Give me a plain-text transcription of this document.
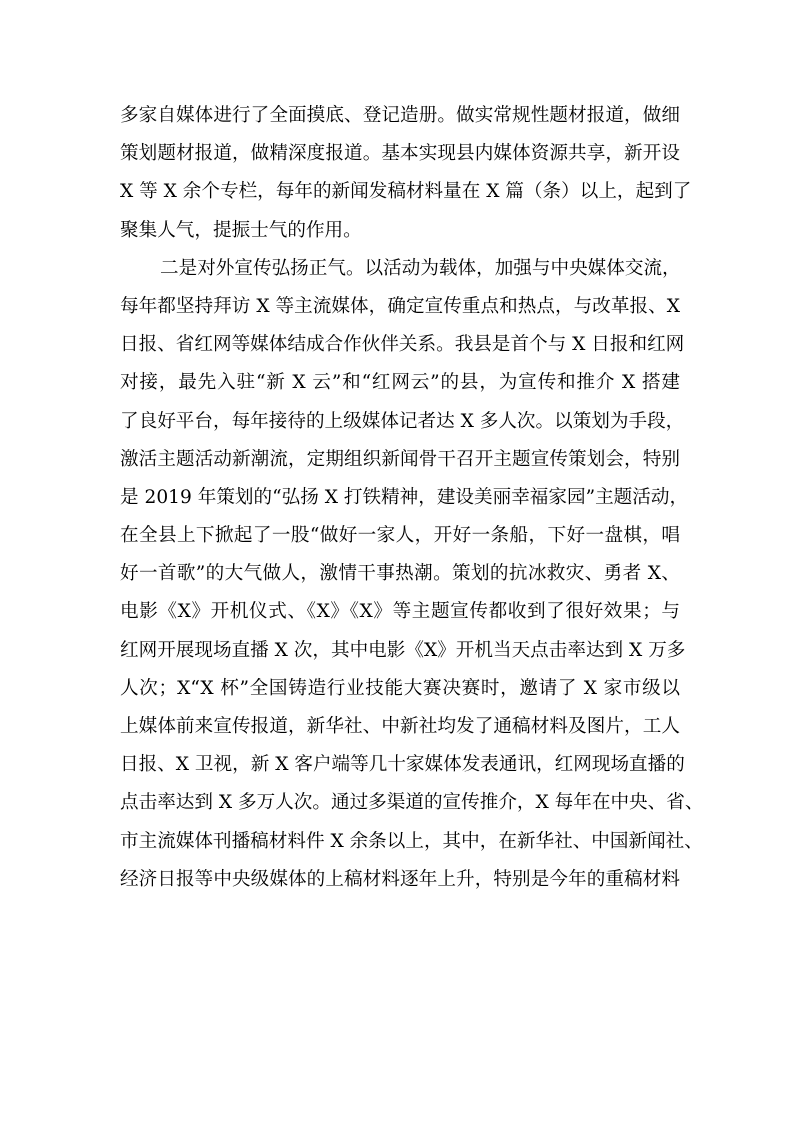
多家自媒体进行了全面摸底、登记造册。做实常规性题材报道，做细
策划题材报道，做精深度报道。基本实现县内媒体资源共享，新开设
X 等 X 余个专栏，每年的新闻发稿材料量在 X 篇（条）以上，起到了
聚集人气，提振士气的作用。
二是对外宣传弘扬正气。以活动为载体，加强与中央媒体交流，
每年都坚持拜访 X 等主流媒体，确定宣传重点和热点，与改革报、X
日报、省红网等媒体结成合作伙伴关系。我县是首个与 X 日报和红网
对接，最先入驻“新 X 云”和“红网云”的县，为宣传和推介 X 搭建
了良好平台，每年接待的上级媒体记者达 X 多人次。以策划为手段，
激活主题活动新潮流，定期组织新闻骨干召开主题宣传策划会，特别
是 2019 年策划的“弘扬 X 打铁精神，建设美丽幸福家园”主题活动，
在全县上下掀起了一股“做好一家人，开好一条船，下好一盘棋，唱
好一首歌”的大气做人，激情干事热潮。策划的抗冰救灾、勇者 X、
电影《X》开机仪式、《X》《X》等主题宣传都收到了很好效果；与
红网开展现场直播 X 次，其中电影《X》开机当天点击率达到 X 万多
人次；X“X 杯”全国铸造行业技能大赛决赛时，邀请了 X 家市级以
上媒体前来宣传报道，新华社、中新社均发了通稿材料及图片，工人
日报、X 卫视，新 X 客户端等几十家媒体发表通讯，红网现场直播的
点击率达到 X 多万人次。通过多渠道的宣传推介，X 每年在中央、省、
市主流媒体刊播稿材料件 X 余条以上，其中，在新华社、中国新闻社、
经济日报等中央级媒体的上稿材料逐年上升，特别是今年的重稿材料
